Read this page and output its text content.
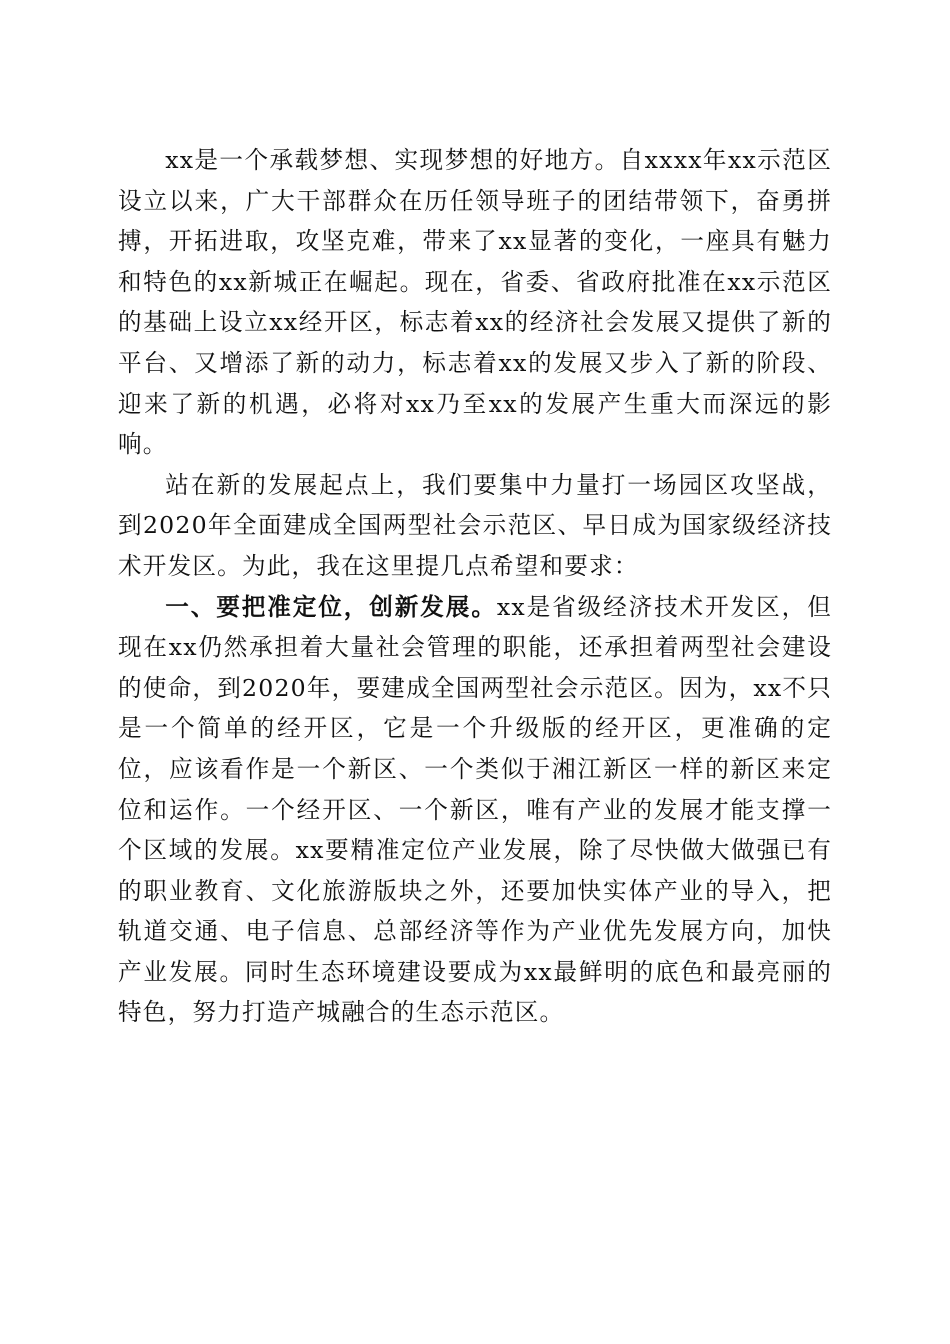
xx是一个承载梦想、实现梦想的好地方。自xxxx年xx示范区设立以来，广大干部群众在历任领导班子的团结带领下，奋勇拼搏，开拓进取，攻坚克难，带来了xx显著的变化，一座具有魅力和特色的xx新城正在崛起。现在，省委、省政府批准在xx示范区的基础上设立xx经开区，标志着xx的经济社会发展又提供了新的平台、又增添了新的动力，标志着xx的发展又步入了新的阶段、迎来了新的机遇，必将对xx乃至xx的发展产生重大而深远的影响。

站在新的发展起点上，我们要集中力量打一场园区攻坚战，到2020年全面建成全国两型社会示范区、早日成为国家级经济技术开发区。为此，我在这里提几点希望和要求：

一、要把准定位，创新发展。xx是省级经济技术开发区，但现在xx仍然承担着大量社会管理的职能，还承担着两型社会建设的使命，到2020年，要建成全国两型社会示范区。因为，xx不只是一个简单的经开区，它是一个升级版的经开区，更准确的定位，应该看作是一个新区、一个类似于湘江新区一样的新区来定位和运作。一个经开区、一个新区，唯有产业的发展才能支撑一个区域的发展。xx要精准定位产业发展，除了尽快做大做强已有的职业教育、文化旅游版块之外，还要加快实体产业的导入，把轨道交通、电子信息、总部经济等作为产业优先发展方向，加快产业发展。同时生态环境建设要成为xx最鲜明的底色和最亮丽的特色，努力打造产城融合的生态示范区。
